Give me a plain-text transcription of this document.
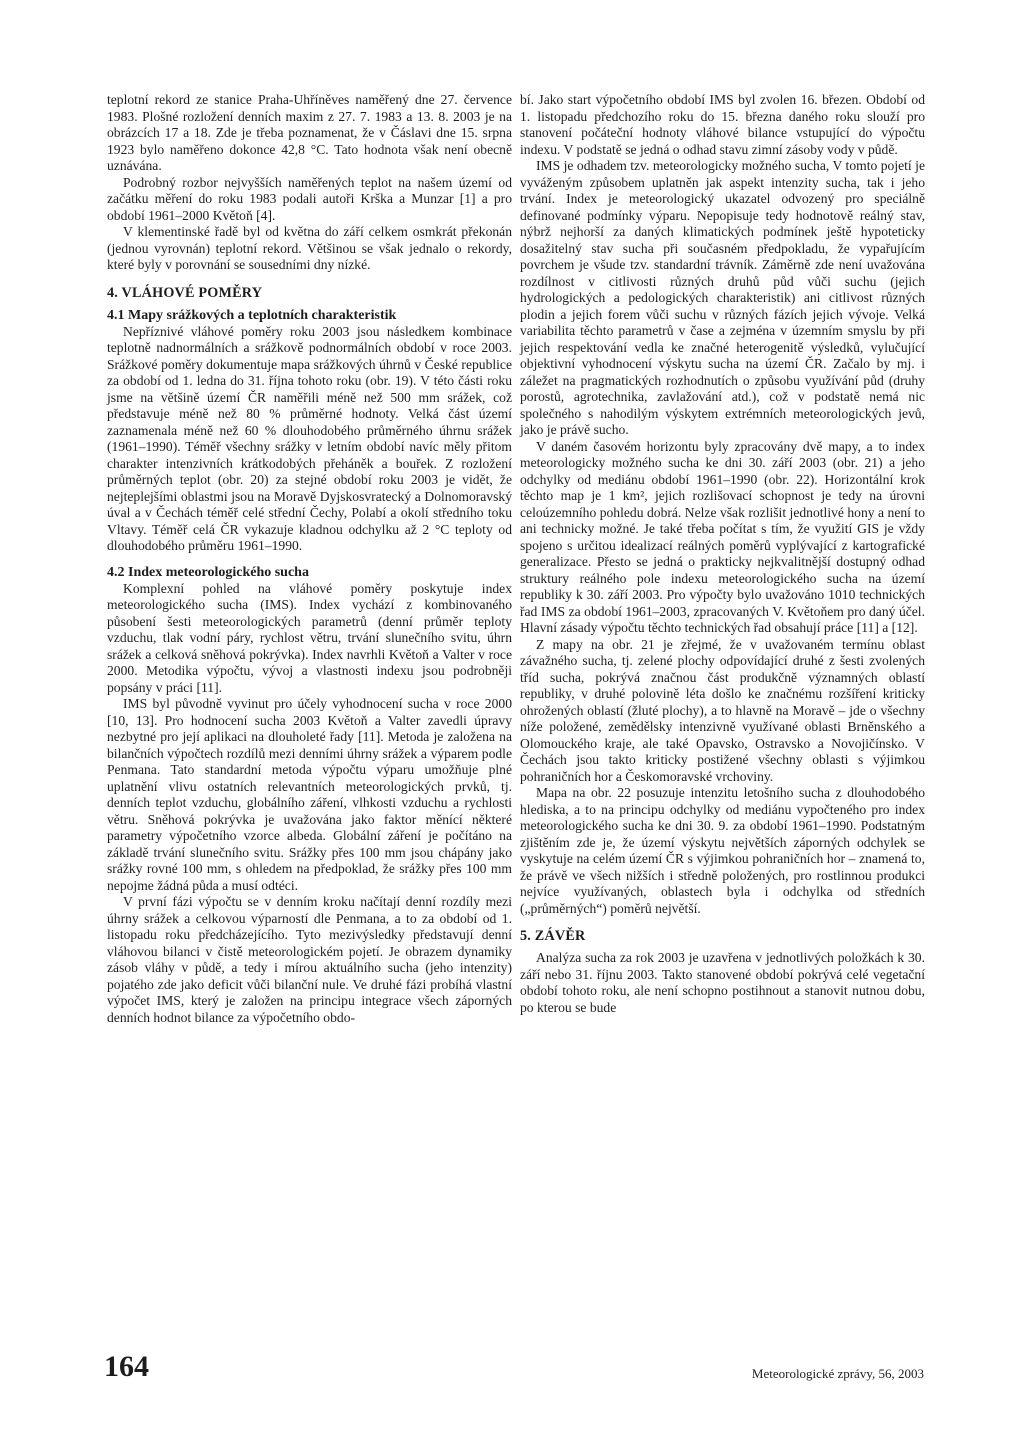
teplotní rekord ze stanice Praha-Uhříněves naměřený dne 27. července 1983. Plošné rozložení denních maxim z 27. 7. 1983 a 13. 8. 2003 je na obrázcích 17 a 18. Zde je třeba poznamenat, že v Čáslavi dne 15. srpna 1923 bylo naměřeno dokonce 42,8 °C. Tato hodnota však není obecně uznávána.

Podrobný rozbor nejvyšších naměřených teplot na našem území od začátku měření do roku 1983 podali autoři Krška a Munzar [1] a pro období 1961–2000 Květoň [4].

V klementinské řadě byl od května do září celkem osmkrát překonán (jednou vyrovnán) teplotní rekord. Většinou se však jednalo o rekordy, které byly v porovnání se sousedními dny nízké.

4. VLÁHOVÉ POMĚRY
4.1 Mapy srážkových a teplotních charakteristik

Nepříznivé vláhové poměry roku 2003 jsou následkem kombinace teplotně nadnormálních a srážkově podnormálních období v roce 2003. Srážkové poměry dokumentuje mapa srážkových úhrnů v České republice za období od 1. ledna do 31. října tohoto roku (obr. 19). V této části roku jsme na většině území ČR naměřili méně než 500 mm srážek, což představuje méně než 80 % průměrné hodnoty. Velká část území zaznamenala méně než 60 % dlouhodobého průměrného úhrnu srážek (1961–1990). Téměř všechny srážky v letním období navíc měly přitom charakter intenzivních krátkodobých přeháněk a bouřek. Z rozložení průměrných teplot (obr. 20) za stejné období roku 2003 je vidět, že nejteplejšími oblastmi jsou na Moravě Dyjskosvratecký a Dolnomoravský úval a v Čechách téměř celé střední Čechy, Polabí a okolí středního toku Vltavy. Téměř celá ČR vykazuje kladnou odchylku až 2 °C teploty od dlouhodobého průměru 1961–1990.

4.2 Index meteorologického sucha

Komplexní pohled na vláhové poměry poskytuje index meteorologického sucha (IMS). Index vychází z kombinovaného působení šesti meteorologických parametrů (denní průměr teploty vzduchu, tlak vodní páry, rychlost větru, trvání slunečního svitu, úhrn srážek a celková sněhová pokrývka). Index navrhli Květoň a Valter v roce 2000. Metodika výpočtu, vývoj a vlastnosti indexu jsou podrobněji popsány v práci [11].

IMS byl původně vyvinut pro účely vyhodnocení sucha v roce 2000 [10, 13]. Pro hodnocení sucha 2003 Květoň a Valter zavedli úpravy nezbytné pro její aplikaci na dlouholeté řady [11]. Metoda je založena na bilančních výpočtech rozdílů mezi denními úhrny srážek a výparem podle Penmana. Tato standardní metoda výpočtu výparu umožňuje plné uplatnění vlivu ostatních relevantních meteorologických prvků, tj. denních teplot vzduchu, globálního záření, vlhkosti vzduchu a rychlosti větru. Sněhová pokrývka je uvažována jako faktor měnící některé parametry výpočetního vzorce albeda. Globální záření je počítáno na základě trvání slunečního svitu. Srážky přes 100 mm jsou chápány jako srážky rovné 100 mm, s ohledem na předpoklad, že srážky přes 100 mm nepojme žádná půda a musí odtéci.

V první fázi výpočtu se v denním kroku načítají denní rozdíly mezi úhrny srážek a celkovou výparností dle Penmana, a to za období od 1. listopadu roku předcházejícího. Tyto mezivýsledky představují denní vláhovou bilanci v čistě meteorologickém pojetí. Je obrazem dynamiky zásob vláhy v půdě, a tedy i mírou aktuálního sucha (jeho intenzity) pojatého zde jako deficit vůči bilanční nule. Ve druhé fázi probíhá vlastní výpočet IMS, který je založen na principu integrace všech záporných denních hodnot bilance za výpočetního obdo-

bí. Jako start výpočetního období IMS byl zvolen 16. březen. Období od 1. listopadu předchozího roku do 15. března daného roku slouží pro stanovení počáteční hodnoty vláhové bilance vstupující do výpočtu indexu. V podstatě se jedná o odhad stavu zimní zásoby vody v půdě.

IMS je odhadem tzv. meteorologicky možného sucha, V tomto pojetí je vyváženým způsobem uplatněn jak aspekt intenzity sucha, tak i jeho trvání. Index je meteorologický ukazatel odvozený pro speciálně definované podmínky výparu. Nepopisuje tedy hodnotově reálný stav, nýbrž nejhorší za daných klimatických podmínek ještě hypoteticky dosažitelný stav sucha při současném předpokladu, že vypařujícím povrchem je všude tzv. standardní trávník. Záměrně zde není uvažována rozdílnost v citlivosti různých druhů půd vůči suchu (jejich hydrologických a pedologických charakteristik) ani citlivost různých plodin a jejich forem vůči suchu v různých fázích jejich vývoje. Velká variabilita těchto parametrů v čase a zejména v územním smyslu by při jejich respektování vedla ke značné heterogenitě výsledků, vylučující objektivní vyhodnocení výskytu sucha na území ČR. Začalo by mj. i záležet na pragmatických rozhodnutích o způsobu využívání půd (druhy porostů, agrotechnika, zavlažování atd.), což v podstatě nemá nic společného s nahodilým výskytem extrémních meteorologických jevů, jako je právě sucho.

V daném časovém horizontu byly zpracovány dvě mapy, a to index meteorologicky možného sucha ke dni 30. září 2003 (obr. 21) a jeho odchylky od mediánu období 1961–1990 (obr. 22). Horizontální krok těchto map je 1 km², jejich rozlišovací schopnost je tedy na úrovni celoúzemního pohledu dobrá. Nelze však rozlišit jednotlivé hony a není to ani technicky možné. Je také třeba počítat s tím, že využití GIS je vždy spojeno s určitou idealizací reálných poměrů vyplývající z kartografické generalizace. Přesto se jedná o prakticky nejkvalitnější dostupný odhad struktury reálného pole indexu meteorologického sucha na území republiky k 30. září 2003. Pro výpočty bylo uvažováno 1010 technických řad IMS za období 1961–2003, zpracovaných V. Květoňem pro daný účel. Hlavní zásady výpočtu těchto technických řad obsahují práce [11] a [12].

Z mapy na obr. 21 je zřejmé, že v uvažovaném termínu oblast závažného sucha, tj. zelené plochy odpovídající druhé z šesti zvolených tříd sucha, pokrývá značnou část produkčně významných oblastí republiky, v druhé polovině léta došlo ke značnému rozšíření kriticky ohrožených oblastí (žluté plochy), a to hlavně na Moravě – jde o všechny níže položené, zemědělsky intenzivně využívané oblasti Brněnského a Olomouckého kraje, ale také Opavsko, Ostravsko a Novojičínsko. V Čechách jsou takto kriticky postižené všechny oblasti s výjimkou pohraničních hor a Českomoravské vrchoviny.

Mapa na obr. 22 posuzuje intenzitu letošního sucha z dlouhodobého hlediska, a to na principu odchylky od mediánu vypočteného pro index meteorologického sucha ke dni 30. 9. za období 1961–1990. Podstatným zjištěním zde je, že území výskytu největších záporných odchylek se vyskytuje na celém území ČR s výjimkou pohraničních hor – znamená to, že právě ve všech nižších i středně položených, pro rostlinnou produkci nejvíce využívaných, oblastech byla i odchylka od středních („průměrných“) poměrů největší.

5. ZÁVĚR

Analýza sucha za rok 2003 je uzavřena v jednotlivých položkách k 30. září nebo 31. říjnu 2003. Takto stanovené období pokrývá celé vegetační období tohoto roku, ale není schopno postihnout a stanovit nutnou dobu, po kterou se bude

164	Meteorologické zprávy, 56, 2003
